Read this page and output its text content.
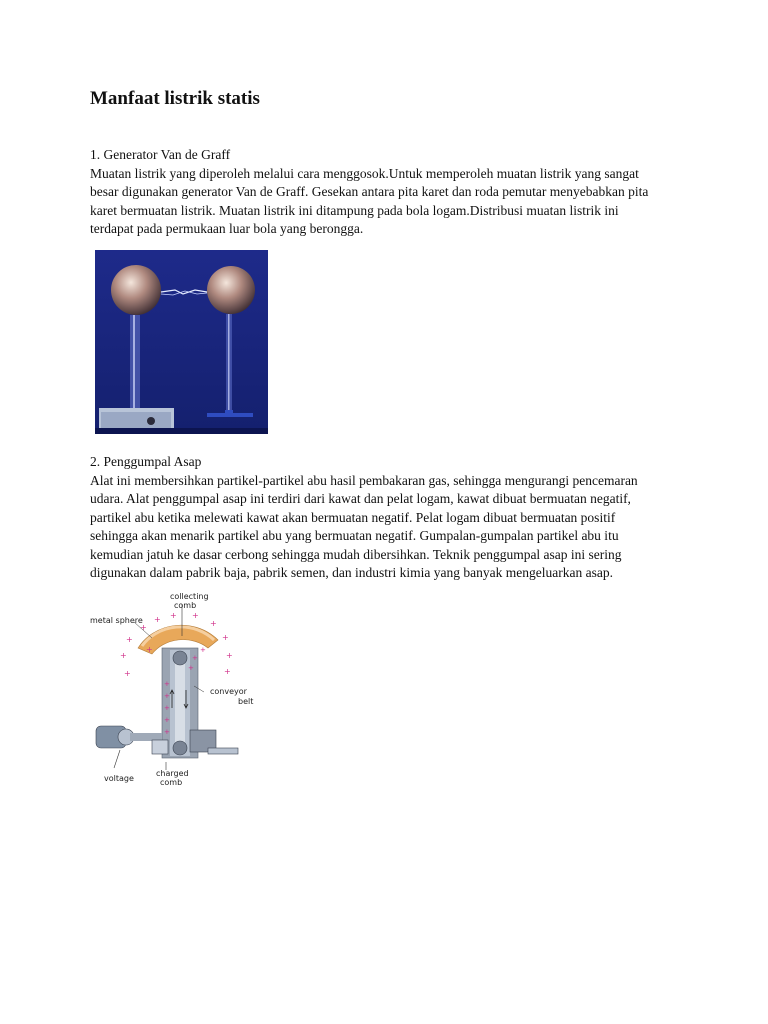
Manfaat listrik statis

1. Generator Van de Graff

Muatan listrik yang diperoleh melalui cara menggosok.Untuk memperoleh muatan listrik yang sangat

besar digunakan generator Van de Graff. Gesekan antara pita karet dan roda pemutar menyebabkan pita

karet bermuatan listrik. Muatan listrik ini ditampung pada bola logam.Distribusi muatan listrik ini

terdapat pada permukaan luar bola yang berongga.

2. Penggumpal Asap

Alat ini membersihkan partikel-partikel abu hasil pembakaran gas, sehingga mengurangi pencemaran

udara. Alat penggumpal asap ini terdiri dari kawat dan pelat logam, kawat dibuat bermuatan negatif,

partikel abu ketika melewati kawat akan bermuatan negatif. Pelat logam dibuat bermuatan positif

sehingga akan menarik partikel abu yang bermuatan negatif. Gumpalan-gumpalan partikel abu itu

kemudian jatuh ke dasar cerbong sehingga mudah dibersihkan. Teknik penggumpal asap ini sering

digunakan dalam pabrik baja, pabrik semen, dan industri kimia yang banyak mengeluarkan asap.

+
+
+
+
+
+
+
+
+
+
+
+
+ + +
+
+
+
+
+
collecting
comb
metal sphere
conveyor
belt
charged
comb
voltage
